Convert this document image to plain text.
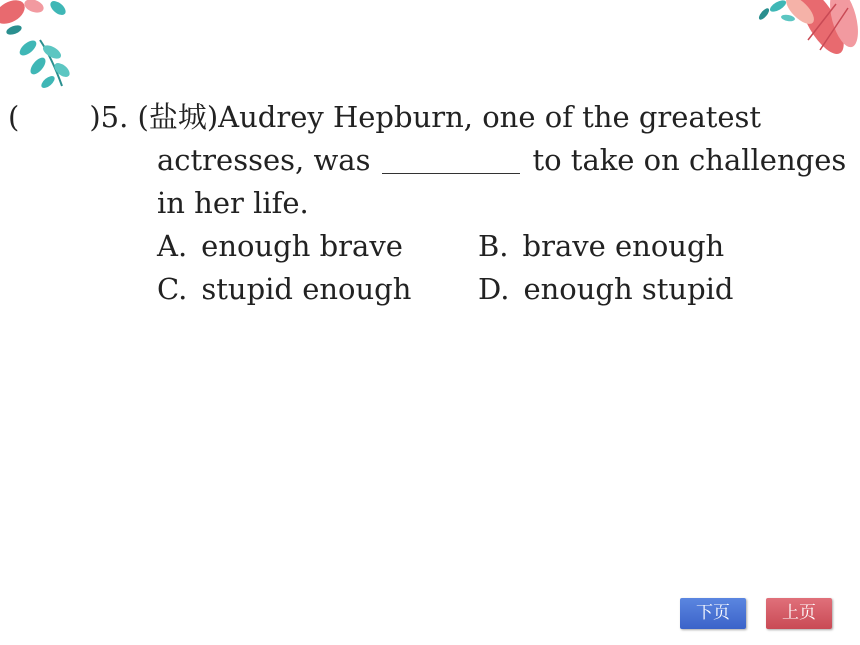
( )5. (盐城)Audrey Hepburn, one of the greatest
actresses, was	to take on challenges
in her life.
A. enough brave	B. brave enough
C. stupid enough D. enough stupid
下页	上页
